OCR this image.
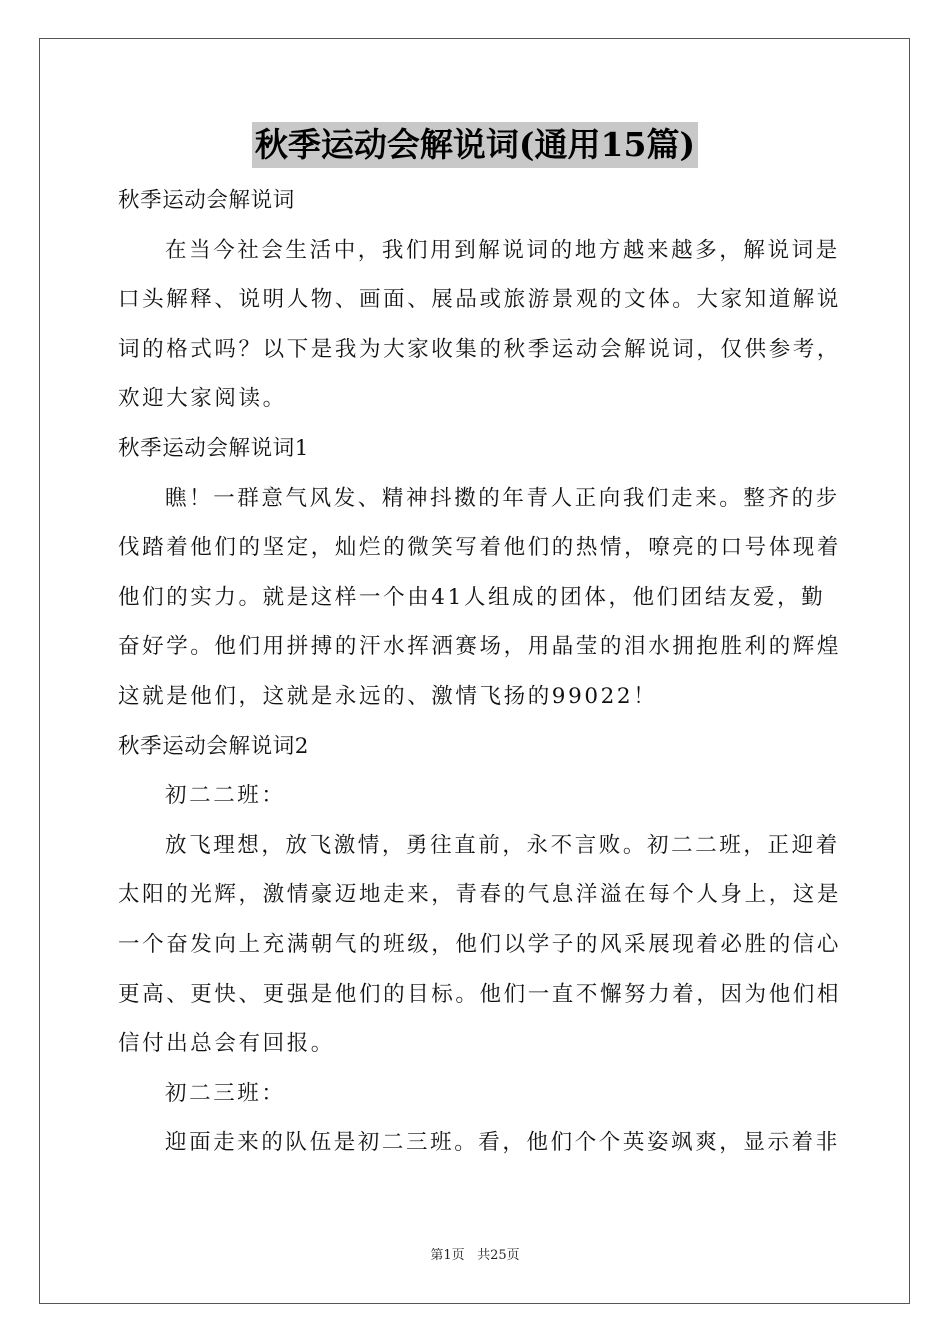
秋季运动会解说词(通用15篇)
秋季运动会解说词
在当今社会生活中，我们用到解说词的地方越来越多，解说词是
口头解释、说明人物、画面、展品或旅游景观的文体。大家知道解说
词的格式吗？以下是我为大家收集的秋季运动会解说词，仅供参考，
欢迎大家阅读。
秋季运动会解说词1
瞧！一群意气风发、精神抖擞的年青人正向我们走来。整齐的步
伐踏着他们的坚定，灿烂的微笑写着他们的热情，嘹亮的口号体现着
他们的实力。就是这样一个由41人组成的团体，他们团结友爱，勤
奋好学。他们用拼搏的汗水挥洒赛场，用晶莹的泪水拥抱胜利的辉煌
这就是他们，这就是永远的、激情飞扬的99022！
秋季运动会解说词2
初二二班：
放飞理想，放飞激情，勇往直前，永不言败。初二二班，正迎着
太阳的光辉，激情豪迈地走来，青春的气息洋溢在每个人身上，这是
一个奋发向上充满朝气的班级，他们以学子的风采展现着必胜的信心
更高、更快、更强是他们的目标。他们一直不懈努力着，因为他们相
信付出总会有回报。
初二三班：
迎面走来的队伍是初二三班。看，他们个个英姿飒爽，显示着非
第1页 共25页
